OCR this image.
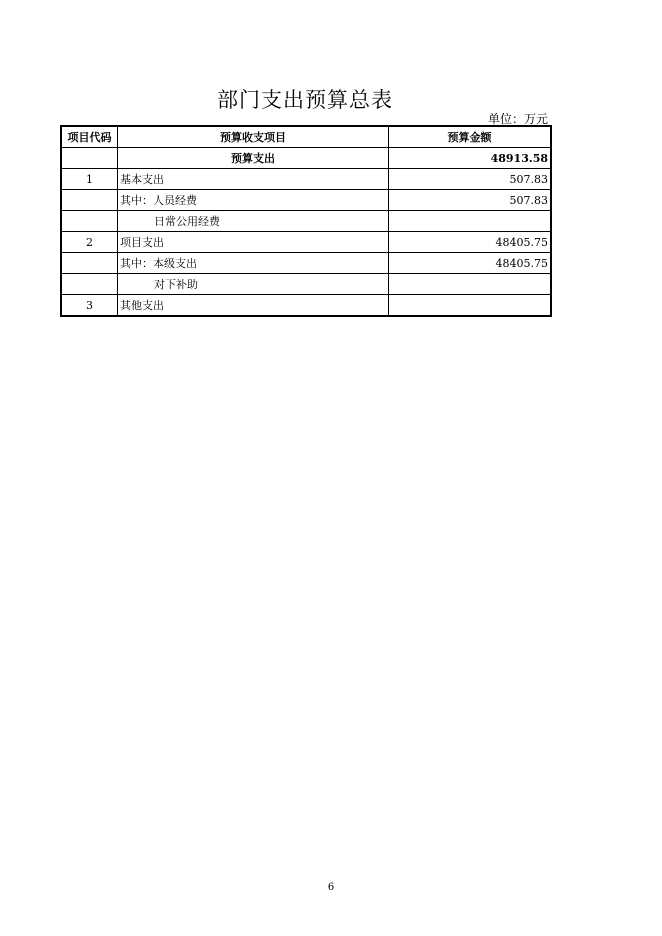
部门支出预算总表
单位：万元
项目代码	预算收支项目	预算金额
	预算支出	48913.58
1	基本支出	507.83
	其中：人员经费	507.83
	日常公用经费	
2	项目支出	48405.75
	其中：本级支出	48405.75
	对下补助	
3	其他支出	
6
